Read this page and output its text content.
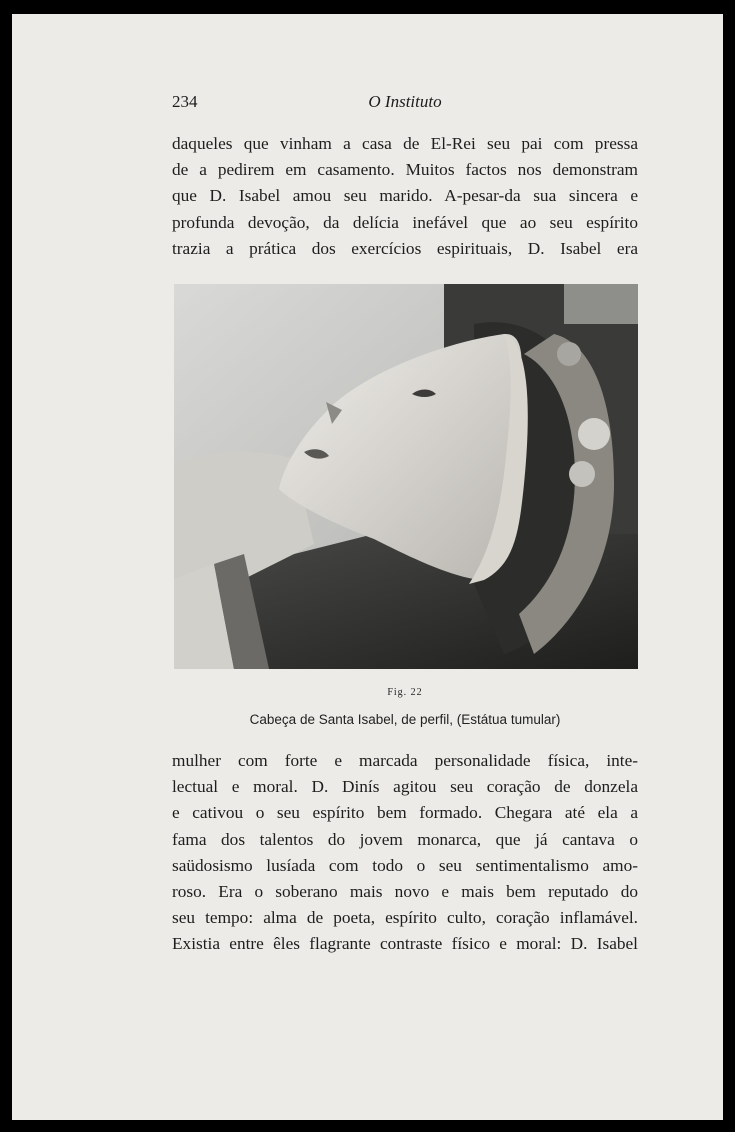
234	O Instituto
daqueles que vinham a casa de El-Rei seu pai com pressa
de a pedirem em casamento. Muitos factos nos demonstram
que D. Isabel amou seu marido. A-pesar-da sua sincera e
profunda devoção, da delícia inefável que ao seu espírito
trazia a prática dos exercícios espirituais, D. Isabel era
Fig. 22
Cabeça de Santa Isabel, de perfil, (Estátua tumular)
mulher com forte e marcada personalidade física, inte-
lectual e moral. D. Dinís agitou seu coração de donzela
e cativou o seu espírito bem formado. Chegara até ela a
fama dos talentos do jovem monarca, que já cantava o
saüdosismo lusíada com todo o seu sentimentalismo amo-
roso. Era o soberano mais novo e mais bem reputado do
seu tempo: alma de poeta, espírito culto, coração inflamável.
Existia entre êles flagrante contraste físico e moral: D. Isabel
